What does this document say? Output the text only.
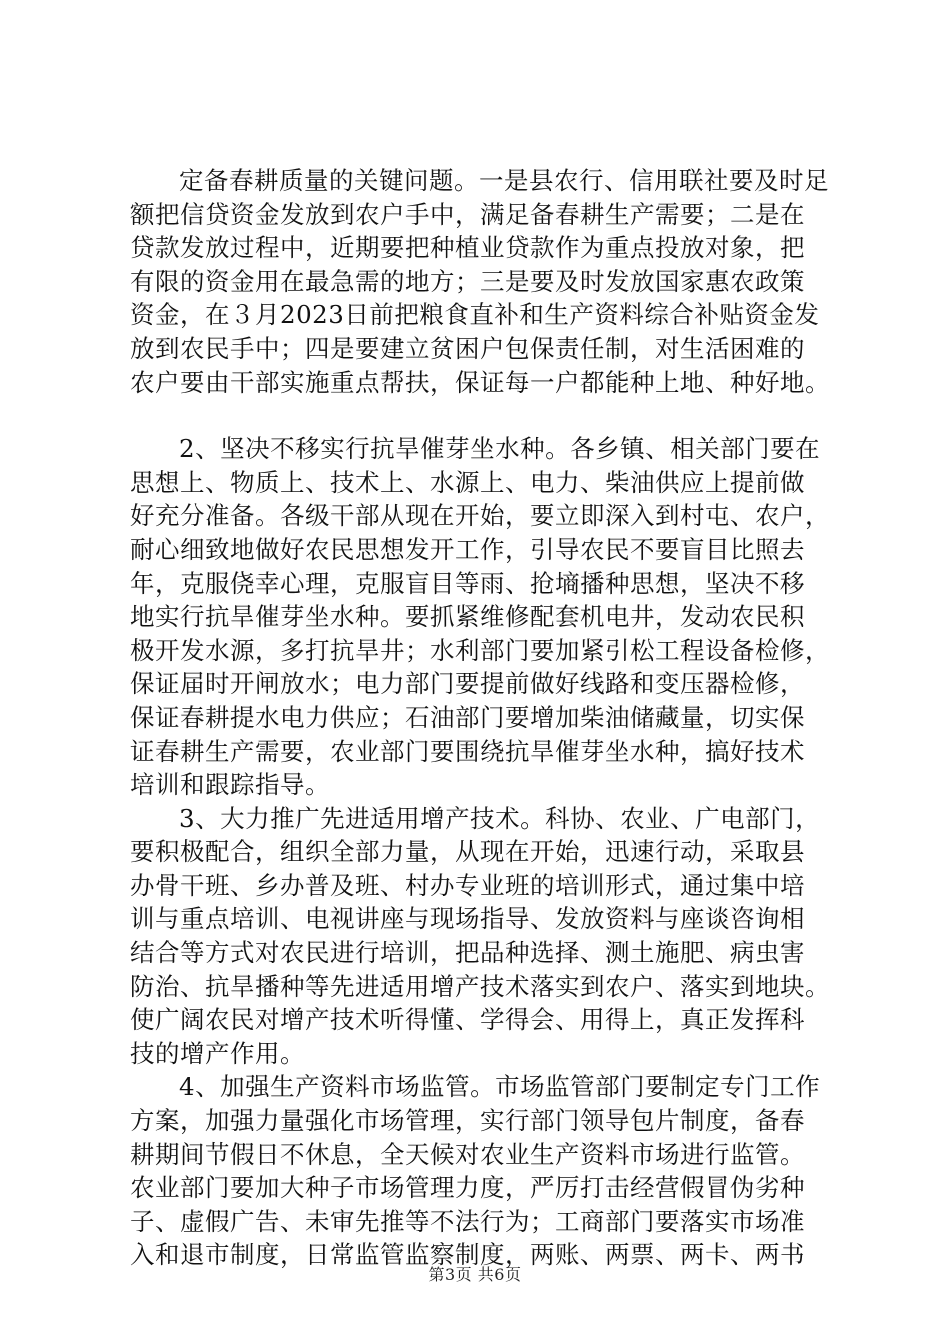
定备春耕质量的关键问题。一是县农行、信用联社要及时足
额把信贷资金发放到农户手中，满足备春耕生产需要；二是在
贷款发放过程中，近期要把种植业贷款作为重点投放对象，把
有限的资金用在最急需的地方；三是要及时发放国家惠农政策
资金，在３月2023日前把粮食直补和生产资料综合补贴资金发
放到农民手中；四是要建立贫困户包保责任制，对生活困难的
农户要由干部实施重点帮扶，保证每一户都能种上地、种好地。

2、坚决不移实行抗旱催芽坐水种。各乡镇、相关部门要在
思想上、物质上、技术上、水源上、电力、柴油供应上提前做
好充分准备。各级干部从现在开始，要立即深入到村屯、农户，
耐心细致地做好农民思想发开工作，引导农民不要盲目比照去
年，克服侥幸心理，克服盲目等雨、抢墒播种思想，坚决不移
地实行抗旱催芽坐水种。要抓紧维修配套机电井，发动农民积
极开发水源，多打抗旱井；水利部门要加紧引松工程设备检修，
保证届时开闸放水；电力部门要提前做好线路和变压器检修，
保证春耕提水电力供应；石油部门要增加柴油储藏量，切实保
证春耕生产需要，农业部门要围绕抗旱催芽坐水种，搞好技术
培训和跟踪指导。

3、大力推广先进适用增产技术。科协、农业、广电部门，
要积极配合，组织全部力量，从现在开始，迅速行动，采取县
办骨干班、乡办普及班、村办专业班的培训形式，通过集中培
训与重点培训、电视讲座与现场指导、发放资料与座谈咨询相
结合等方式对农民进行培训，把品种选择、测土施肥、病虫害
防治、抗旱播种等先进适用增产技术落实到农户、落实到地块。
使广阔农民对增产技术听得懂、学得会、用得上，真正发挥科
技的增产作用。

4、加强生产资料市场监管。市场监管部门要制定专门工作
方案，加强力量强化市场管理，实行部门领导包片制度，备春
耕期间节假日不休息，全天候对农业生产资料市场进行监管。
农业部门要加大种子市场管理力度，严厉打击经营假冒伪劣种
子、虚假广告、未审先推等不法行为；工商部门要落实市场准
入和退市制度，日常监管监察制度，两账、两票、两卡、两书

第3页 共6页
